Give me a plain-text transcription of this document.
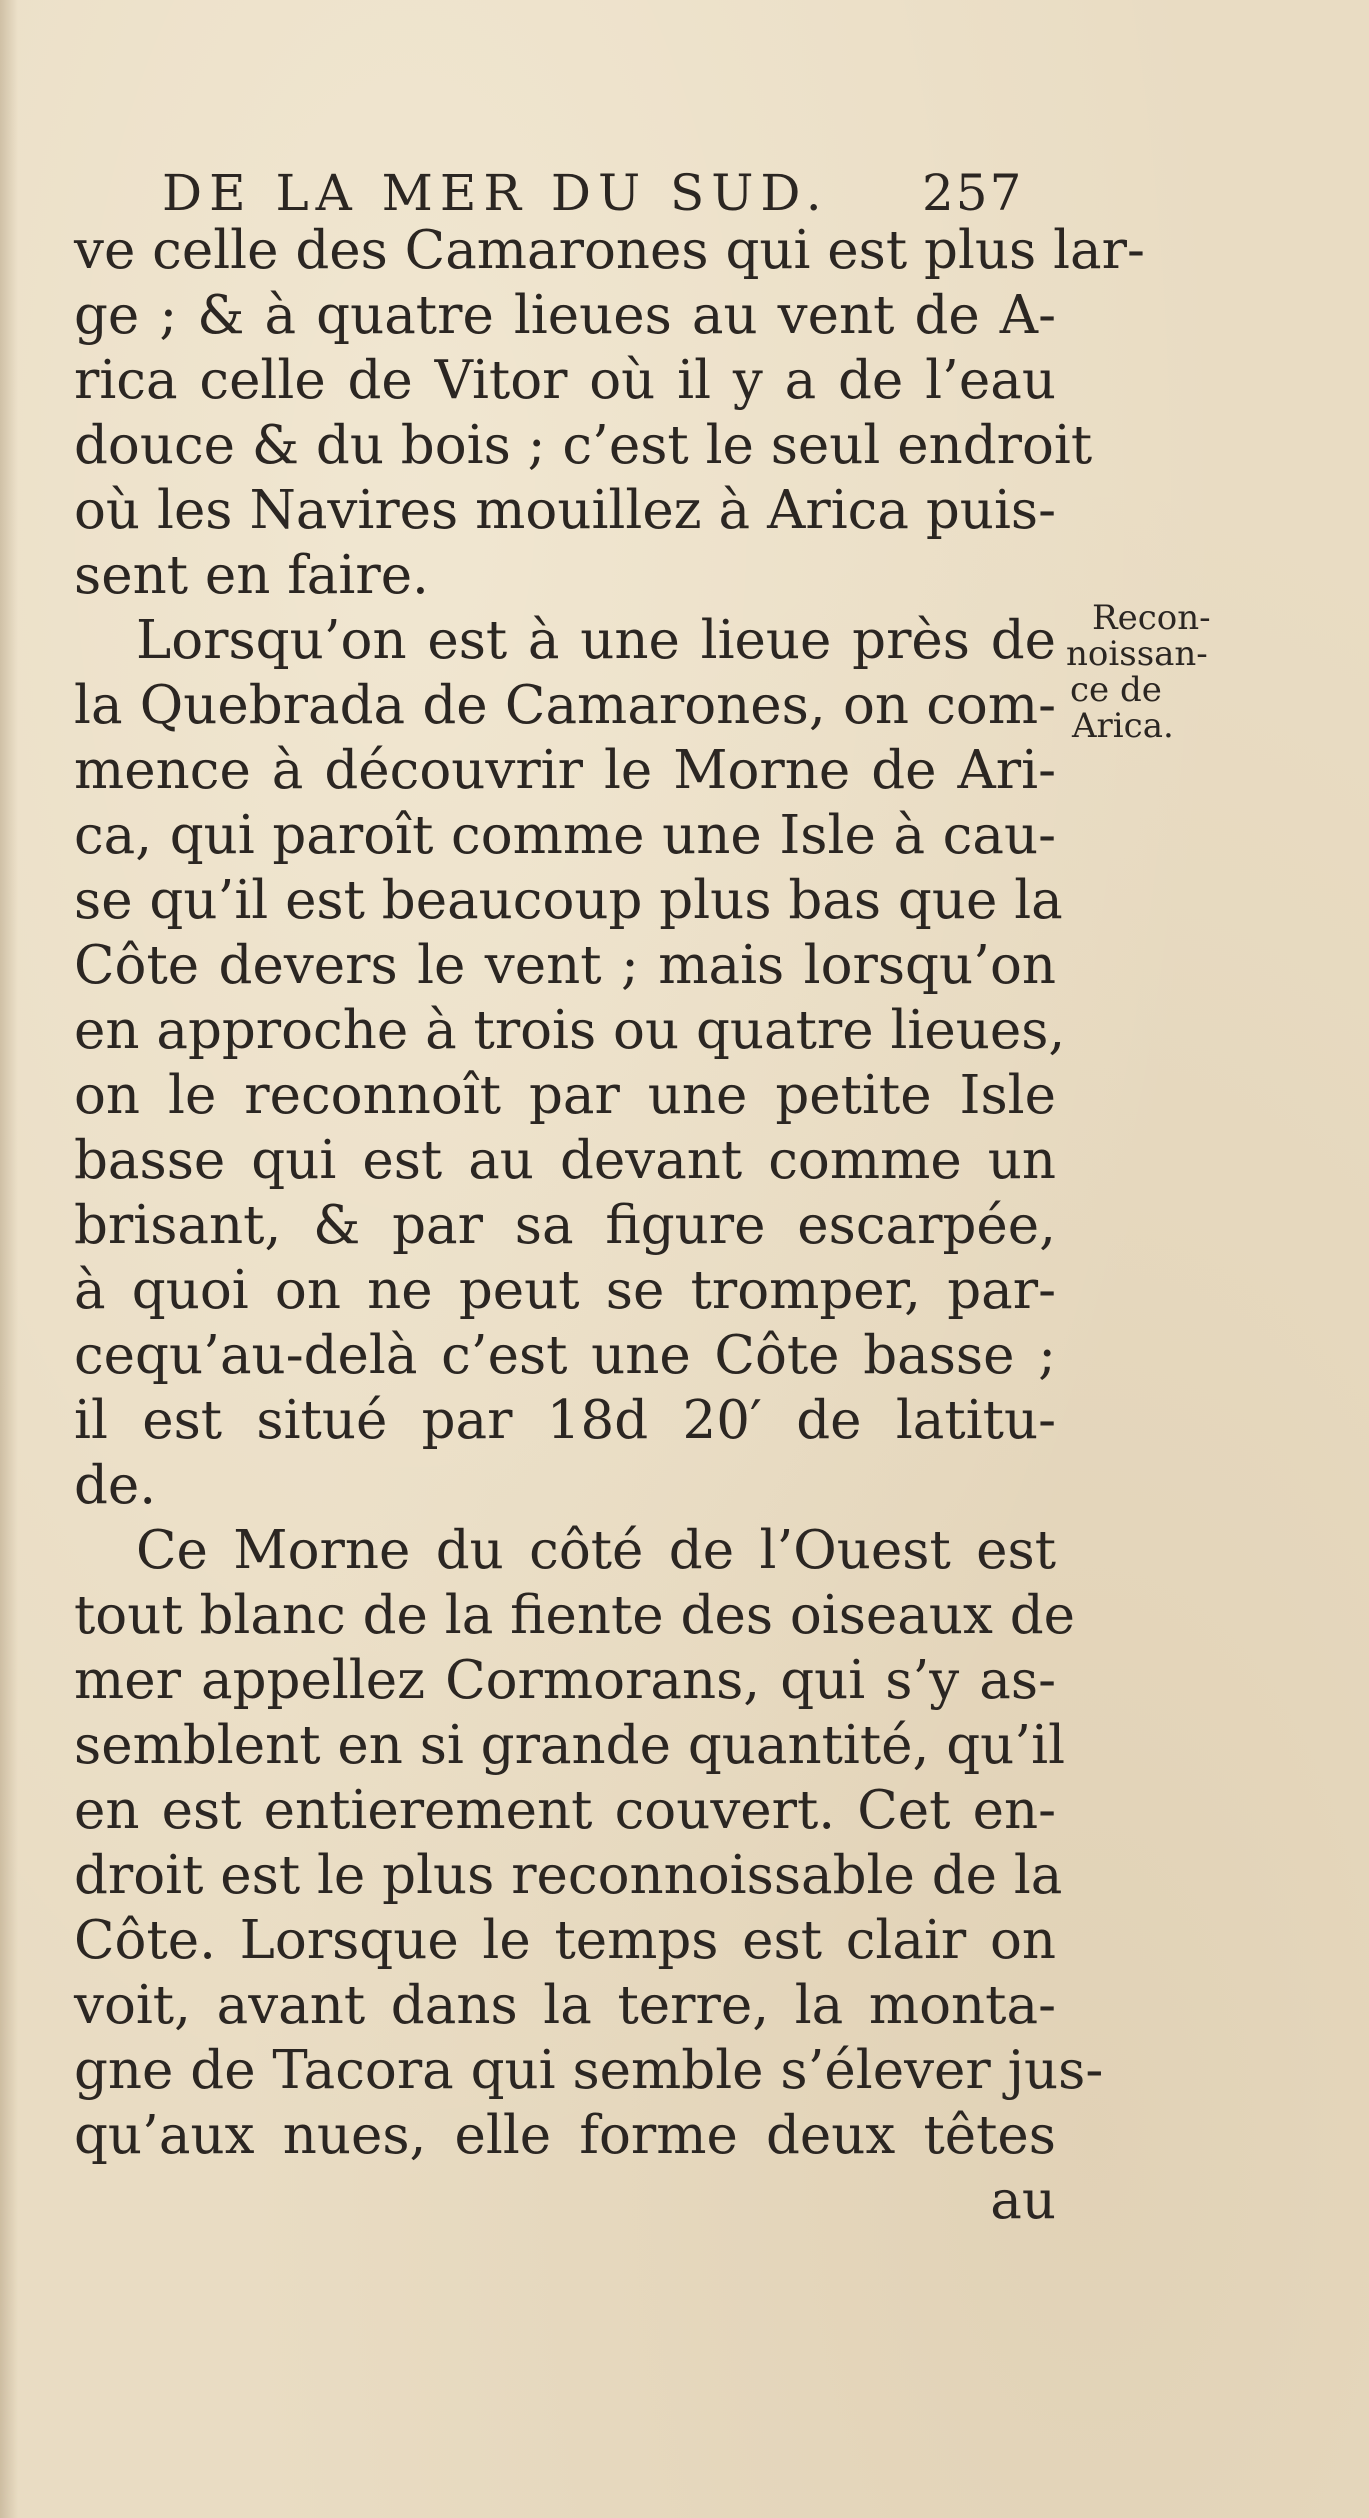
DE LA MER DU SUD. 257
ve celle des Camarones qui est plus lar-
ge ; & à quatre lieues au vent de A-
rica celle de Vitor où il y a de l’eau
douce & du bois ; c’est le seul endroit
où les Navires mouillez à Arica puis-
sent en faire.
Lorsqu’on est à une lieue près de
la Quebrada de Camarones, on com-
mence à découvrir le Morne de Ari-
ca, qui paroît comme une Isle à cau-
se qu’il est beaucoup plus bas que la
Côte devers le vent ; mais lorsqu’on
en approche à trois ou quatre lieues,
on le reconnoît par une petite Isle
basse qui est au devant comme un
brisant, & par sa figure escarpée,
à quoi on ne peut se tromper, par-
cequ’au-delà c’est une Côte basse ;
il est situé par 18d 20′ de latitu-
de.
Ce Morne du côté de l’Ouest est
tout blanc de la fiente des oiseaux de
mer appellez Cormorans, qui s’y as-
semblent en si grande quantité, qu’il
en est entierement couvert. Cet en-
droit est le plus reconnoissable de la
Côte. Lorsque le temps est clair on
voit, avant dans la terre, la monta-
gne de Tacora qui semble s’élever jus-
qu’aux nues, elle forme deux têtes
au
Recon-
noissan-
ce de
Arica.
